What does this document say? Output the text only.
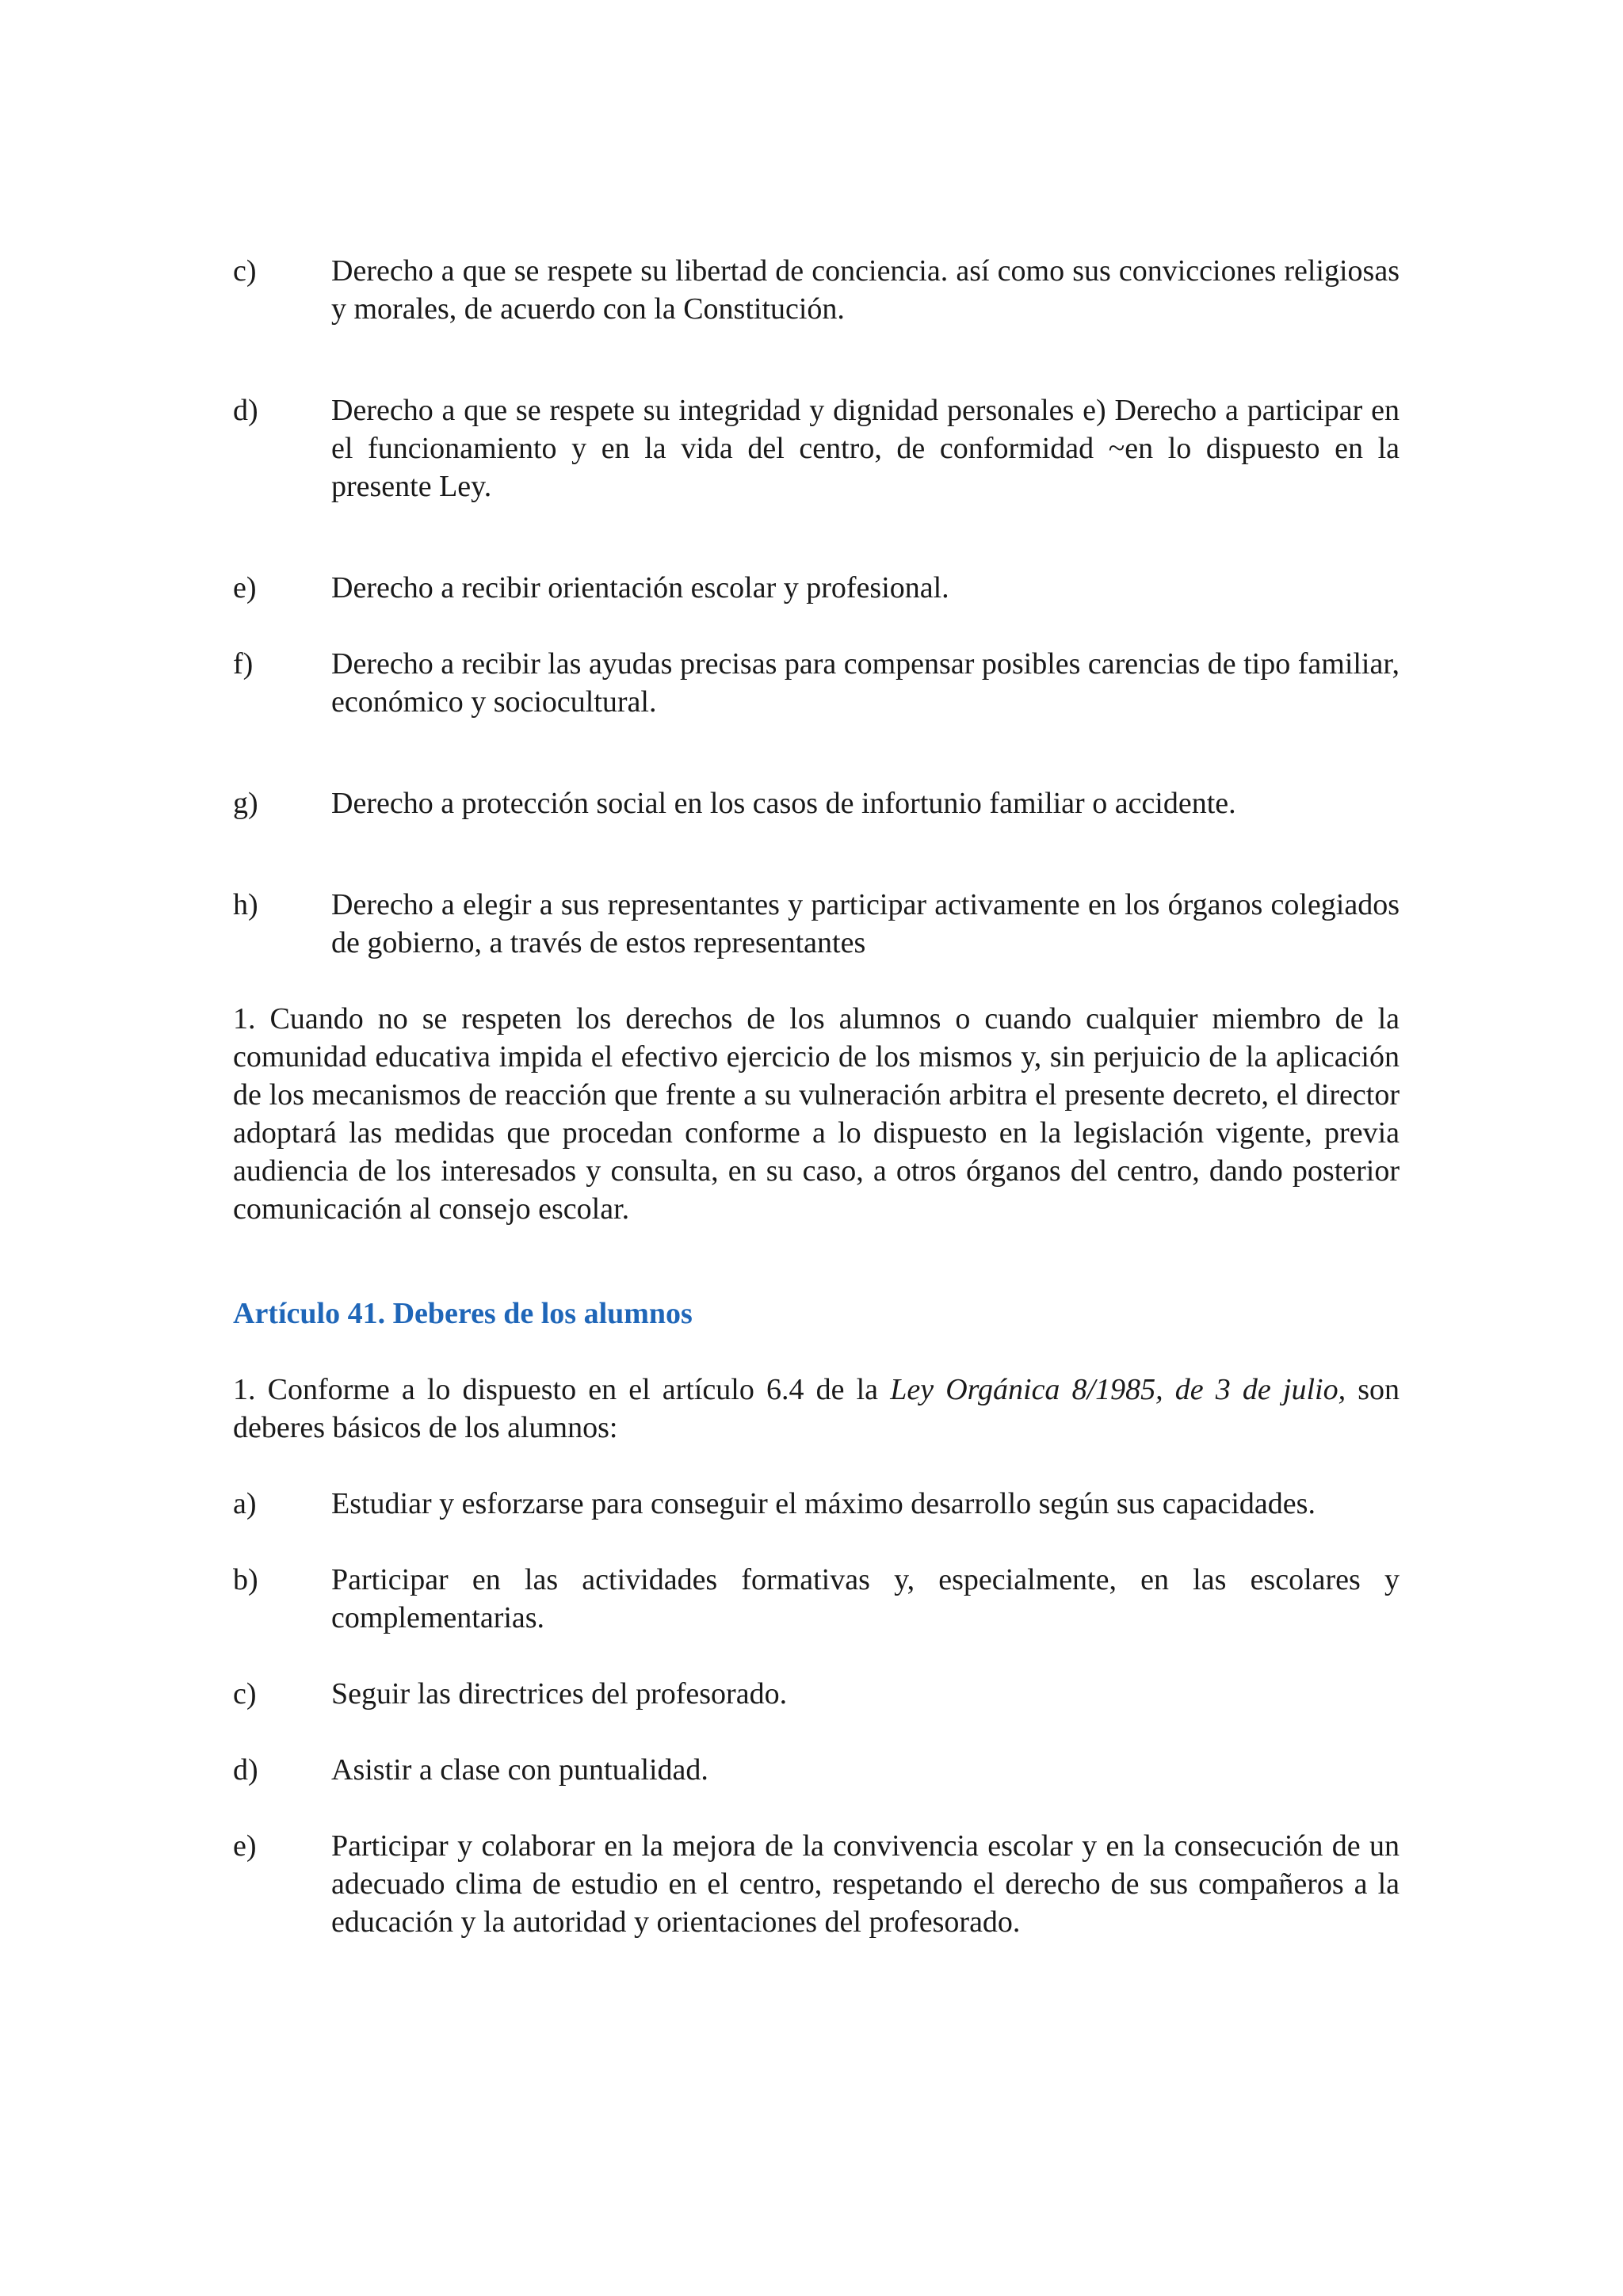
c)	Derecho a que se respete su libertad de conciencia. así como sus convicciones religiosas y morales, de acuerdo con la Constitución.
d)	Derecho a que se respete su integridad y dignidad personales e) Derecho a participar en el funcionamiento y en la vida del centro, de conformidad ~en lo dispuesto en la presente Ley.
e)	Derecho a recibir orientación escolar y profesional.
f)	Derecho a recibir las ayudas precisas para compensar posibles carencias de tipo familiar, económico y sociocultural.
g)	Derecho a protección social en los casos de infortunio familiar o accidente.
h)	Derecho a elegir a sus representantes y participar activamente en los órganos colegiados de gobierno, a través de estos representantes
1. Cuando no se respeten los derechos de los alumnos o cuando cualquier miembro de la comunidad educativa impida el efectivo ejercicio de los mismos y, sin perjuicio de la aplicación de los mecanismos de reacción que frente a su vulneración arbitra el presente decreto, el director adoptará las medidas que procedan conforme a lo dispuesto en la legislación vigente, previa audiencia de los interesados y consulta, en su caso, a otros órganos del centro, dando posterior comunicación al consejo escolar.
Artículo 41. Deberes de los alumnos
1. Conforme a lo dispuesto en el artículo 6.4 de la Ley Orgánica 8/1985, de 3 de julio, son deberes básicos de los alumnos:
a)	Estudiar y esforzarse para conseguir el máximo desarrollo según sus capacidades.
b)	Participar en las actividades formativas y, especialmente, en las escolares y complementarias.
c)	Seguir las directrices del profesorado.
d)	Asistir a clase con puntualidad.
e)	Participar y colaborar en la mejora de la convivencia escolar y en la consecución de un adecuado clima de estudio en el centro, respetando el derecho de sus compañeros a la educación y la autoridad y orientaciones del profesorado.
